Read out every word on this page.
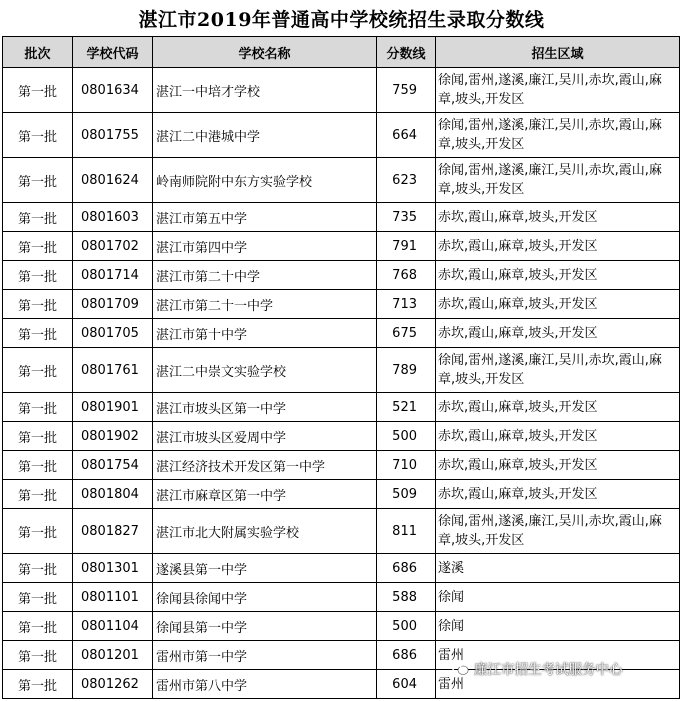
湛江市2019年普通高中学校统招生录取分数线
批次	学校代码	学校名称	分数线	招生区域
第一批	0801634	湛江一中培才学校	759	徐闻,雷州,遂溪,廉江,吴川,赤坎,霞山,麻章,坡头,开发区
第一批	0801755	湛江二中港城中学	664	徐闻,雷州,遂溪,廉江,吴川,赤坎,霞山,麻章,坡头,开发区
第一批	0801624	岭南师院附中东方实验学校	623	徐闻,雷州,遂溪,廉江,吴川,赤坎,霞山,麻章,坡头,开发区
第一批	0801603	湛江市第五中学	735	赤坎,霞山,麻章,坡头,开发区
第一批	0801702	湛江市第四中学	791	赤坎,霞山,麻章,坡头,开发区
第一批	0801714	湛江市第二十中学	768	赤坎,霞山,麻章,坡头,开发区
第一批	0801709	湛江市第二十一中学	713	赤坎,霞山,麻章,坡头,开发区
第一批	0801705	湛江市第十中学	675	赤坎,霞山,麻章,坡头,开发区
第一批	0801761	湛江二中崇文实验学校	789	徐闻,雷州,遂溪,廉江,吴川,赤坎,霞山,麻章,坡头,开发区
第一批	0801901	湛江市坡头区第一中学	521	赤坎,霞山,麻章,坡头,开发区
第一批	0801902	湛江市坡头区爱周中学	500	赤坎,霞山,麻章,坡头,开发区
第一批	0801754	湛江经济技术开发区第一中学	710	赤坎,霞山,麻章,坡头,开发区
第一批	0801804	湛江市麻章区第一中学	509	赤坎,霞山,麻章,坡头,开发区
第一批	0801827	湛江市北大附属实验学校	811	徐闻,雷州,遂溪,廉江,吴川,赤坎,霞山,麻章,坡头,开发区
第一批	0801301	遂溪县第一中学	686	遂溪
第一批	0801101	徐闻县徐闻中学	588	徐闻
第一批	0801104	徐闻县第一中学	500	徐闻
第一批	0801201	雷州市第一中学	686	雷州
第一批	0801262	雷州市第八中学	604	雷州
廉江市招生考试服务中心
